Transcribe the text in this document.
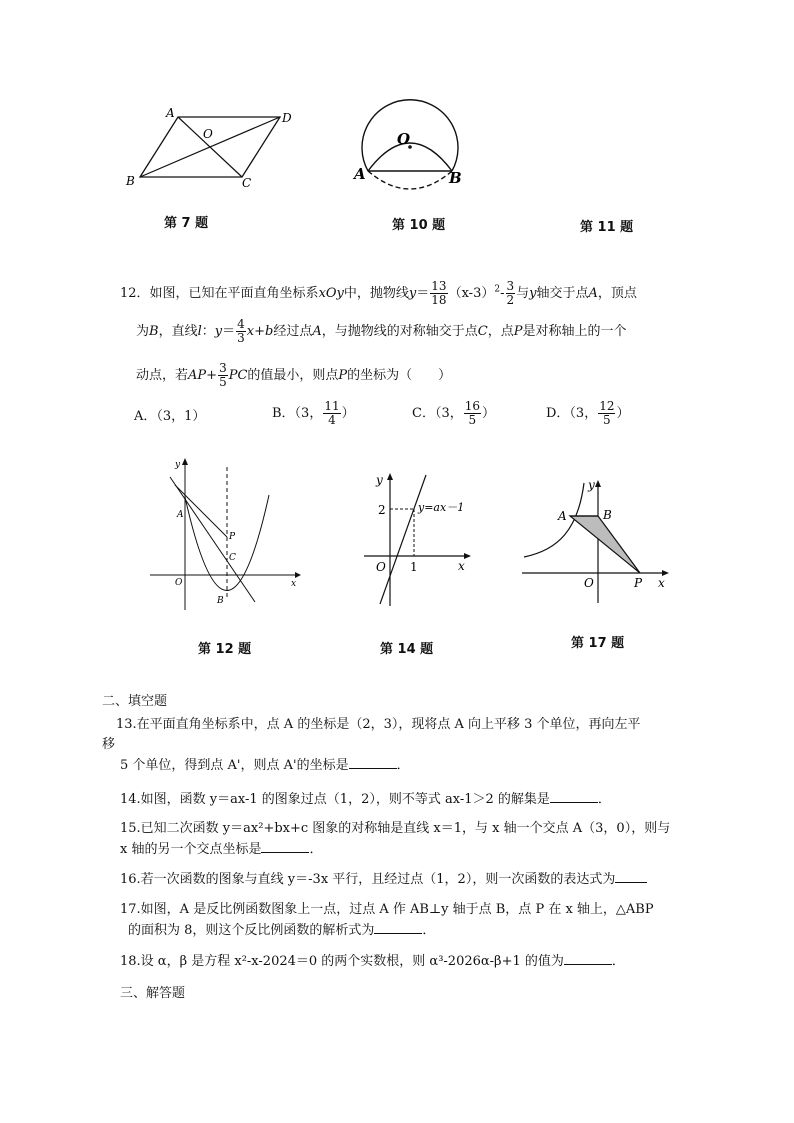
A	D
O
B	C
第 7 题
O
A	B
第 10 题	第 11 题
12．如图，已知在平面直角坐标系xOy中，抛物线$y= \frac{13}{18} (x-3)^2- \frac{3}{2}$ 与y轴交于点A，顶点
为B，直线l：$y= \frac{4}{3} x+b$经过点A，与抛物线的对称轴交于点C，点P是对称轴上的一个
动点，若$AP+ \frac{3}{5}$ PC的值最小，则点P的坐标为（　　）
A．（3，1）	B．（3， $\frac{11}{4}$ ）	C．（3， $\frac{16}{5}$ ）	D．（3， $\frac{12}{5}$ ）
y
x
O
A
P
C
B
第 12 题
y
x
O
2
1
y=ax－1
第 14 题
y
x
O
A	B
P
第 17 题
二、填空题
13.在平面直角坐标系中，点 A 的坐标是（2，3），现将点 A 向上平移 3 个单位，再向左平
移
5 个单位，得到点 A'，则点 A'的坐标是	．
14.如图，函数 y＝ax-1 的图象过点（1，2），则不等式 ax-1＞2 的解集是	．
15.已知二次函数 y＝ax²+bx+c 图象的对称轴是直线 x＝1，与 x 轴一个交点 A（3，0），则与
x 轴的另一个交点坐标是	．
16.若一次函数的图象与直线 y＝-3x 平行，且经过点（1，2），则一次函数的表达式为
17.如图，A 是反比例函数图象上一点，过点 A 作 AB⊥y 轴于点 B，点 P 在 x 轴上，△ABP
的面积为 8，则这个反比例函数的解析式为	．
18.设 α，β 是方程 x²-x-2024＝0 的两个实数根，则 α³-2026α-β+1 的值为	．
三、解答题
